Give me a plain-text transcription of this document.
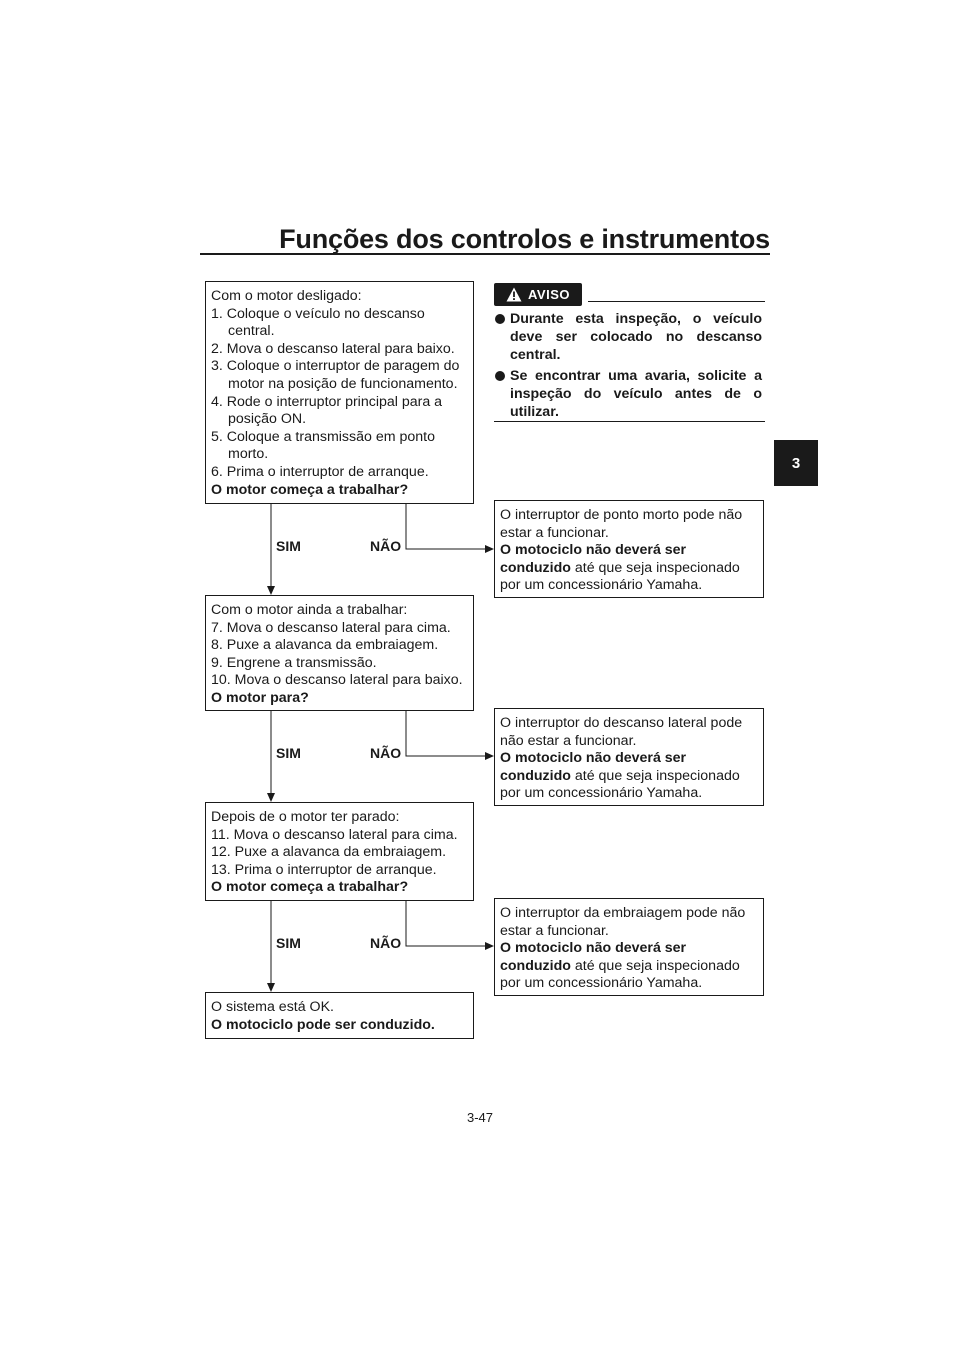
Funções dos controlos e instrumentos
3
Com o motor desligado:
1. Coloque o veículo no descanso central.
2. Mova o descanso lateral para baixo.
3. Coloque o interruptor de paragem do motor na posição de funcionamento.
4. Rode o interruptor principal para a posição ON.
5. Coloque a transmissão em ponto morto.
6. Prima o interruptor de arranque.
O motor começa a trabalhar?
SIM	NÃO
O interruptor de ponto morto pode não estar a funcionar.
O motociclo não deverá ser conduzido até que seja inspecionado por um concessionário Yamaha.
Com o motor ainda a trabalhar:
7. Mova o descanso lateral para cima.
8. Puxe a alavanca da embraiagem.
9. Engrene a transmissão.
10. Mova o descanso lateral para baixo.
O motor para?
SIM	NÃO
O interruptor do descanso lateral pode não estar a funcionar.
O motociclo não deverá ser conduzido até que seja inspecionado por um concessionário Yamaha.
Depois de o motor ter parado:
11. Mova o descanso lateral para cima.
12. Puxe a alavanca da embraiagem.
13. Prima o interruptor de arranque.
O motor começa a trabalhar?
SIM	NÃO
O interruptor da embraiagem pode não estar a funcionar.
O motociclo não deverá ser conduzido até que seja inspecionado por um concessionário Yamaha.
O sistema está OK.
O motociclo pode ser conduzido.
AVISO
Durante esta inspeção, o veículo deve ser colocado no descanso central.
Se encontrar uma avaria, solicite a inspeção do veículo antes de o utilizar.
3-47
